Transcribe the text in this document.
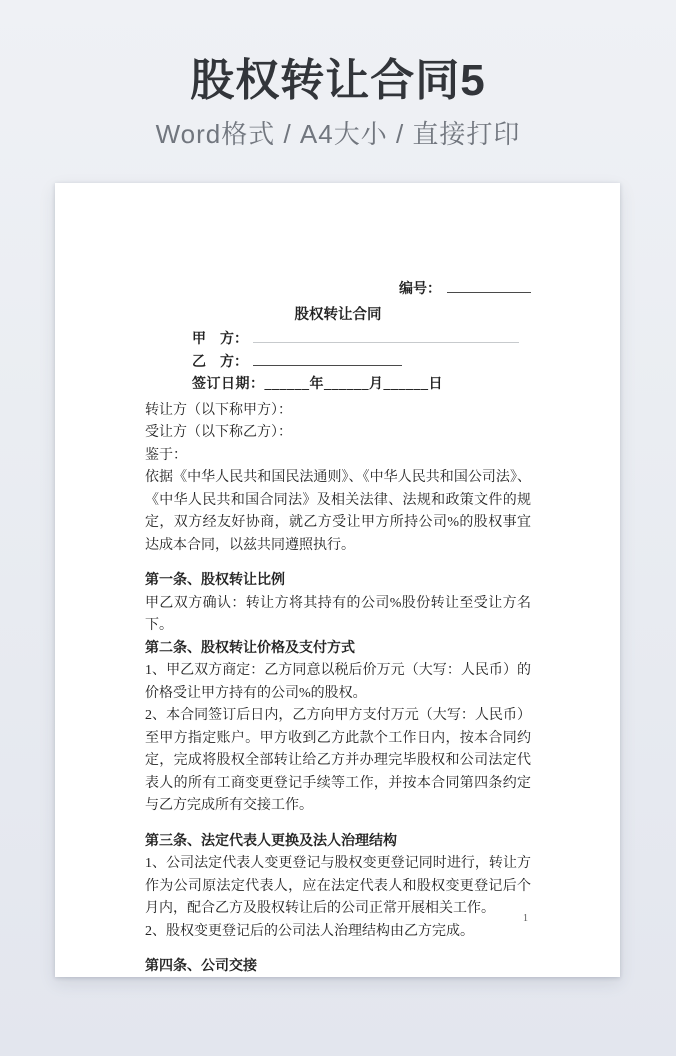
股权转让合同5

Word格式 / A4大小 / 直接打印

编号：
股权转让合同
甲　方：
乙　方：
签订日期：______年______月______日
转让方（以下称甲方）：
受让方（以下称乙方）：
鉴于：

依据《中华人民共和国民法通则》、《中华人民共和国公司法》、《中华人民共和国合同法》及相关法律、法规和政策文件的规定，双方经友好协商，就乙方受让甲方所持公司%的股权事宜达成本合同，以兹共同遵照执行。

第一条、股权转让比例

甲乙双方确认：转让方将其持有的公司%股份转让至受让方名下。

第二条、股权转让价格及支付方式

1、甲乙双方商定：乙方同意以税后价万元（大写：人民币）的价格受让甲方持有的公司%的股权。

2、本合同签订后日内，乙方向甲方支付万元（大写：人民币）至甲方指定账户。甲方收到乙方此款个工作日内，按本合同约定，完成将股权全部转让给乙方并办理完毕股权和公司法定代表人的所有工商变更登记手续等工作，并按本合同第四条约定与乙方完成所有交接工作。

第三条、法定代表人更换及法人治理结构

1、公司法定代表人变更登记与股权变更登记同时进行，转让方作为公司原法定代表人，应在法定代表人和股权变更登记后个月内，配合乙方及股权转让后的公司正常开展相关工作。

2、股权变更登记后的公司法人治理结构由乙方完成。

第四条、公司交接
1
